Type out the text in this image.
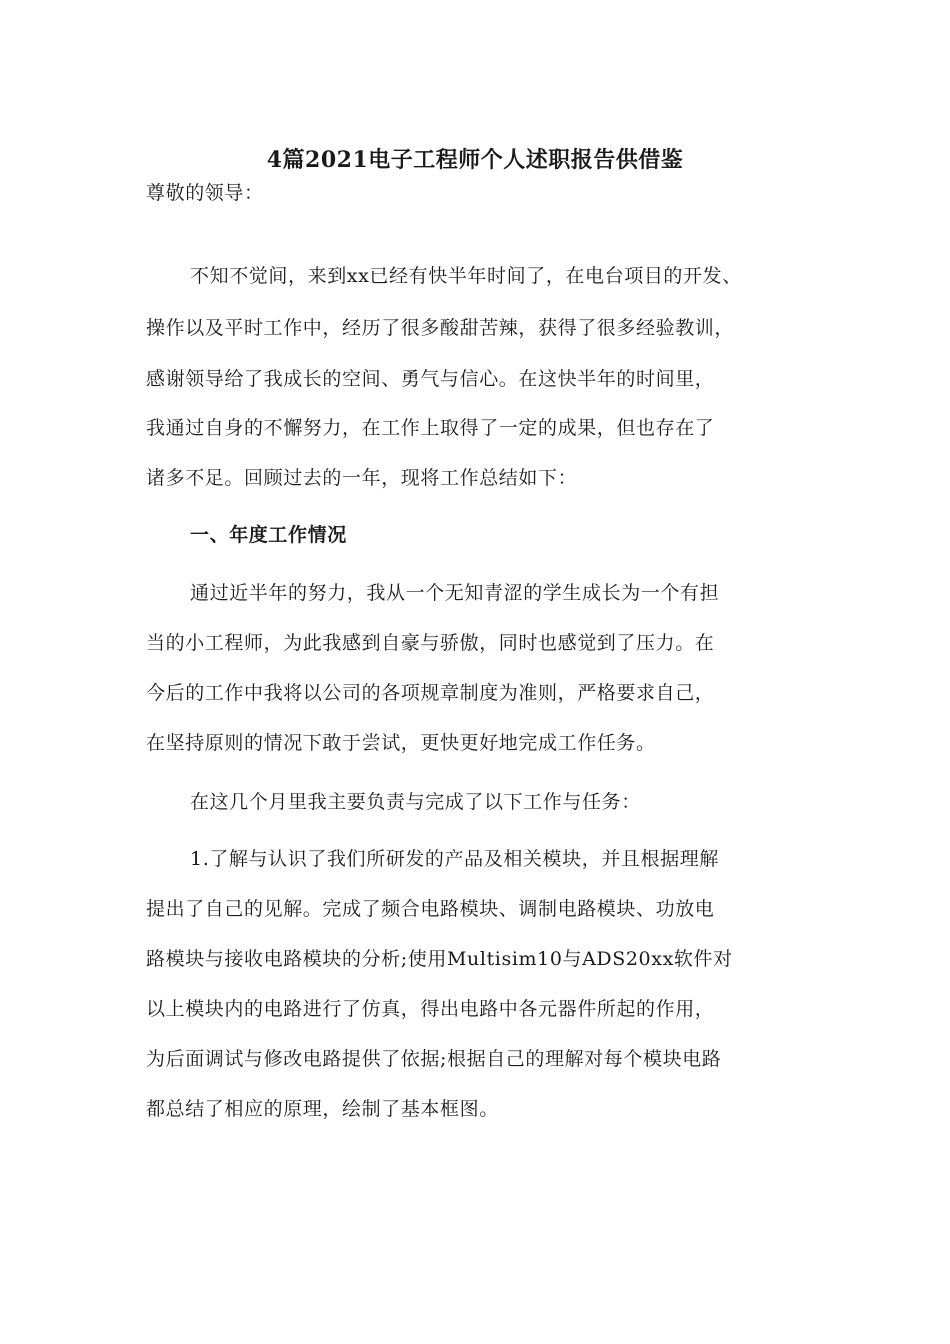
4篇2021电子工程师个人述职报告供借鉴

尊敬的领导：

不知不觉间，来到xx已经有快半年时间了，在电台项目的开发、

操作以及平时工作中，经历了很多酸甜苦辣，获得了很多经验教训，

感谢领导给了我成长的空间、勇气与信心。在这快半年的时间里，

我通过自身的不懈努力，在工作上取得了一定的成果，但也存在了

诸多不足。回顾过去的一年，现将工作总结如下：

一、年度工作情况

通过近半年的努力，我从一个无知青涩的学生成长为一个有担

当的小工程师，为此我感到自豪与骄傲，同时也感觉到了压力。在

今后的工作中我将以公司的各项规章制度为准则，严格要求自己，

在坚持原则的情况下敢于尝试，更快更好地完成工作任务。

在这几个月里我主要负责与完成了以下工作与任务：

1.了解与认识了我们所研发的产品及相关模块，并且根据理解

提出了自己的见解。完成了频合电路模块、调制电路模块、功放电

路模块与接收电路模块的分析;使用Multisim10与ADS20xx软件对

以上模块内的电路进行了仿真，得出电路中各元器件所起的作用，

为后面调试与修改电路提供了依据;根据自己的理解对每个模块电路

都总结了相应的原理，绘制了基本框图。
